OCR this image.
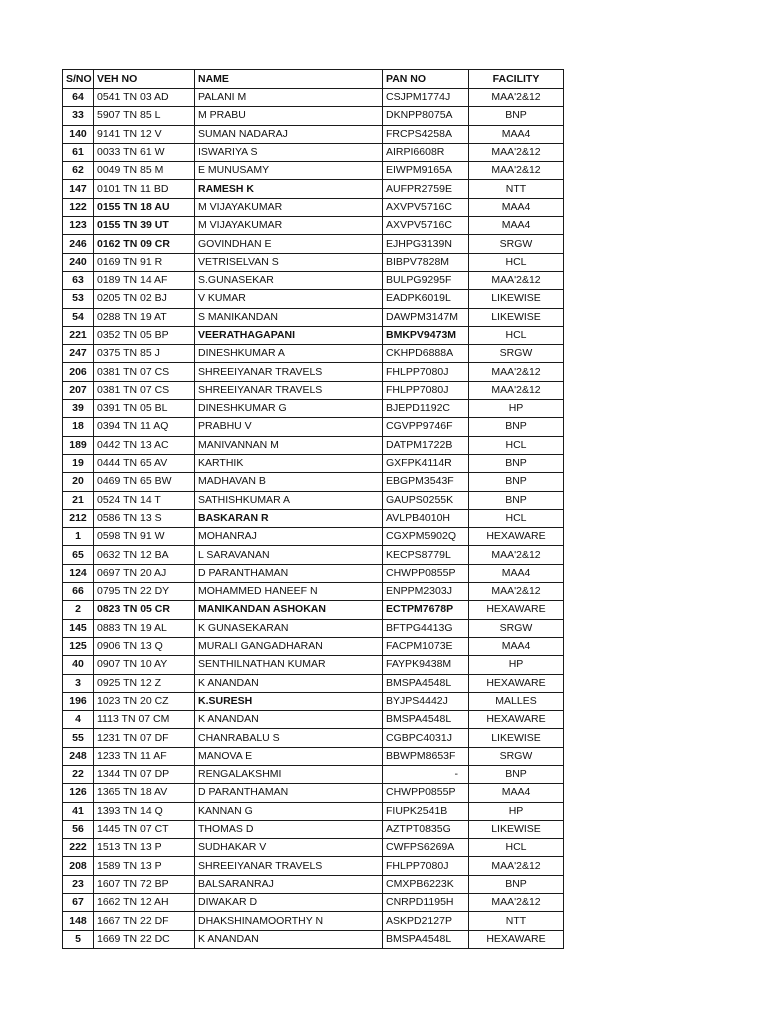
S/NO	VEH NO	NAME	PAN NO	FACILITY
64	0541 TN 03 AD	PALANI M	CSJPM1774J	MAA'2&12
33	5907 TN 85 L	M PRABU	DKNPP8075A	BNP
140	9141 TN 12 V	SUMAN NADARAJ	FRCPS4258A	MAA4
61	0033 TN 61 W	ISWARIYA S	AIRPI6608R	MAA'2&12
62	0049 TN 85 M	E MUNUSAMY	EIWPM9165A	MAA'2&12
147	0101 TN 11 BD	RAMESH K	AUFPR2759E	NTT
122	0155 TN 18 AU	M VIJAYAKUMAR	AXVPV5716C	MAA4
123	0155 TN 39 UT	M VIJAYAKUMAR	AXVPV5716C	MAA4
246	0162 TN 09 CR	GOVINDHAN E	EJHPG3139N	SRGW
240	0169 TN 91 R	VETRISELVAN S	BIBPV7828M	HCL
63	0189 TN 14 AF	S.GUNASEKAR	BULPG9295F	MAA'2&12
53	0205 TN 02 BJ	V KUMAR	EADPK6019L	LIKEWISE
54	0288 TN 19 AT	S MANIKANDAN	DAWPM3147M	LIKEWISE
221	0352 TN 05 BP	VEERATHAGAPANI	BMKPV9473M	HCL
247	0375 TN 85 J	DINESHKUMAR A	CKHPD6888A	SRGW
206	0381 TN 07 CS	SHREEIYANAR TRAVELS	FHLPP7080J	MAA'2&12
207	0381 TN 07 CS	SHREEIYANAR TRAVELS	FHLPP7080J	MAA'2&12
39	0391 TN 05 BL	DINESHKUMAR G	BJEPD1192C	HP
18	0394 TN 11 AQ	PRABHU V	CGVPP9746F	BNP
189	0442 TN 13 AC	MANIVANNAN M	DATPM1722B	HCL
19	0444 TN 65 AV	KARTHIK	GXFPK4114R	BNP
20	0469 TN 65 BW	MADHAVAN B	EBGPM3543F	BNP
21	0524 TN 14 T	SATHISHKUMAR A	GAUPS0255K	BNP
212	0586 TN 13 S	BASKARAN R	AVLPB4010H	HCL
1	0598 TN 91 W	MOHANRAJ	CGXPM5902Q	HEXAWARE
65	0632 TN 12 BA	L SARAVANAN	KECPS8779L	MAA'2&12
124	0697 TN 20 AJ	D PARANTHAMAN	CHWPP0855P	MAA4
66	0795 TN 22 DY	MOHAMMED HANEEF N	ENPPM2303J	MAA'2&12
2	0823 TN 05 CR	MANIKANDAN ASHOKAN	ECTPM7678P	HEXAWARE
145	0883 TN 19 AL	K GUNASEKARAN	BFTPG4413G	SRGW
125	0906 TN 13 Q	MURALI GANGADHARAN	FACPM1073E	MAA4
40	0907 TN 10 AY	SENTHILNATHAN KUMAR	FAYPK9438M	HP
3	0925 TN 12 Z	K ANANDAN	BMSPA4548L	HEXAWARE
196	1023 TN 20 CZ	K.SURESH	BYJPS4442J	MALLES
4	1113 TN 07 CM	K ANANDAN	BMSPA4548L	HEXAWARE
55	1231 TN 07 DF	CHANRABALU S	CGBPC4031J	LIKEWISE
248	1233 TN 11 AF	MANOVA E	BBWPM8653F	SRGW
22	1344 TN 07 DP	RENGALAKSHMI	-	BNP
126	1365 TN 18 AV	D PARANTHAMAN	CHWPP0855P	MAA4
41	1393 TN 14 Q	KANNAN G	FIUPK2541B	HP
56	1445 TN 07 CT	THOMAS D	AZTPT0835G	LIKEWISE
222	1513 TN 13 P	SUDHAKAR V	CWFPS6269A	HCL
208	1589 TN 13 P	SHREEIYANAR TRAVELS	FHLPP7080J	MAA'2&12
23	1607 TN 72 BP	BALSARANRAJ	CMXPB6223K	BNP
67	1662 TN 12 AH	DIWAKAR D	CNRPD1195H	MAA'2&12
148	1667 TN 22 DF	DHAKSHINAMOORTHY N	ASKPD2127P	NTT
5	1669 TN 22 DC	K ANANDAN	BMSPA4548L	HEXAWARE
